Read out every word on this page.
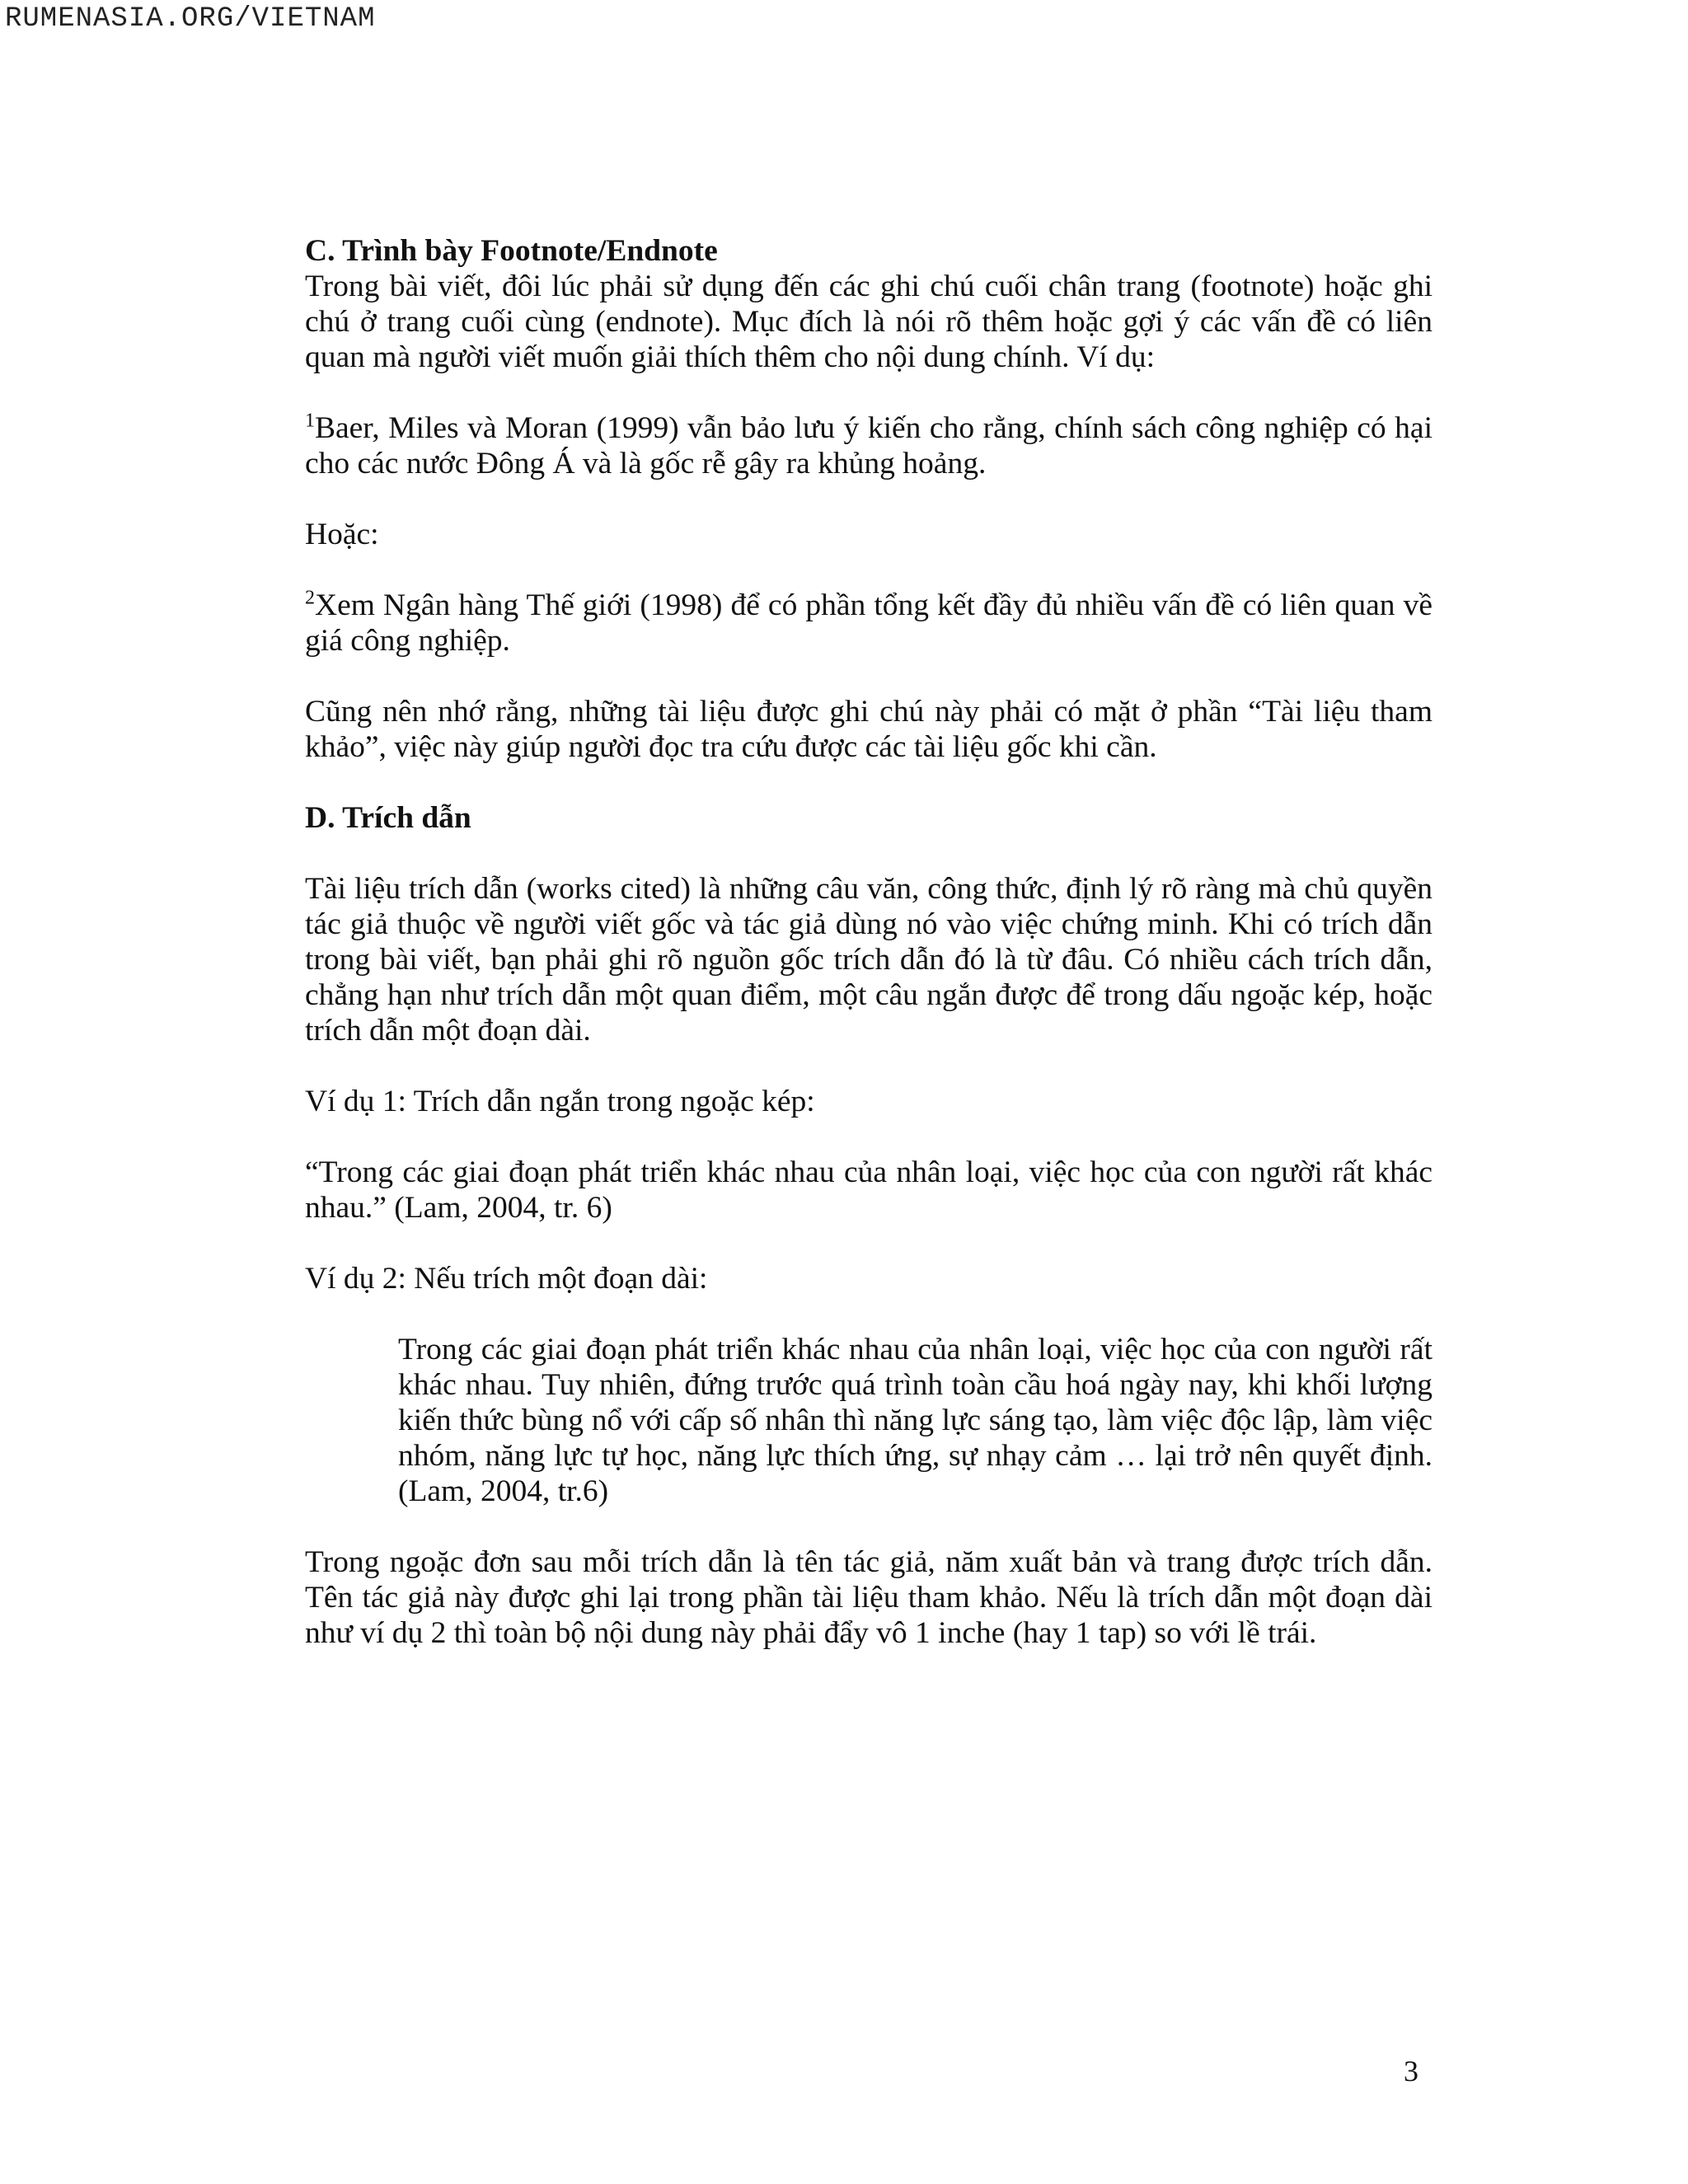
RUMENASIA.ORG/VIETNAM

C. Trình bày Footnote/Endnote

Trong bài viết, đôi lúc phải sử dụng đến các ghi chú cuối chân trang (footnote) hoặc ghi chú ở trang cuối cùng (endnote). Mục đích là nói rõ thêm hoặc gợi ý các vấn đề có liên quan mà người viết muốn giải thích thêm cho nội dung chính. Ví dụ:

$^1$Baer, Miles và Moran (1999) vẫn bảo lưu ý kiến cho rằng, chính sách công nghiệp có hại cho các nước Đông Á và là gốc rễ gây ra khủng hoảng.

Hoặc:

$^2$Xem Ngân hàng Thế giới (1998) để có phần tổng kết đầy đủ nhiều vấn đề có liên quan về giá công nghiệp.

Cũng nên nhớ rằng, những tài liệu được ghi chú này phải có mặt ở phần “Tài liệu tham khảo”, việc này giúp người đọc tra cứu được các tài liệu gốc khi cần.

D. Trích dẫn

Tài liệu trích dẫn (works cited) là những câu văn, công thức, định lý rõ ràng mà chủ quyền tác giả thuộc về người viết gốc và tác giả dùng nó vào việc chứng minh. Khi có trích dẫn trong bài viết, bạn phải ghi rõ nguồn gốc trích dẫn đó là từ đâu. Có nhiều cách trích dẫn, chẳng hạn như trích dẫn một quan điểm, một câu ngắn được để trong dấu ngoặc kép, hoặc trích dẫn một đoạn dài.

Ví dụ 1: Trích dẫn ngắn trong ngoặc kép:

“Trong các giai đoạn phát triển khác nhau của nhân loại, việc học của con người rất khác nhau.” (Lam, 2004, tr. 6)

Ví dụ 2: Nếu trích một đoạn dài:

Trong các giai đoạn phát triển khác nhau của nhân loại, việc học của con người rất khác nhau. Tuy nhiên, đứng trước quá trình toàn cầu hoá ngày nay, khi khối lượng kiến thức bùng nổ với cấp số nhân thì năng lực sáng tạo, làm việc độc lập, làm việc nhóm, năng lực tự học, năng lực thích ứng, sự nhạy cảm … lại trở nên quyết định. (Lam, 2004, tr.6)

Trong ngoặc đơn sau mỗi trích dẫn là tên tác giả, năm xuất bản và trang được trích dẫn. Tên tác giả này được ghi lại trong phần tài liệu tham khảo. Nếu là trích dẫn một đoạn dài như ví dụ 2 thì toàn bộ nội dung này phải đẩy vô 1 inche (hay 1 tap) so với lề trái.

3
